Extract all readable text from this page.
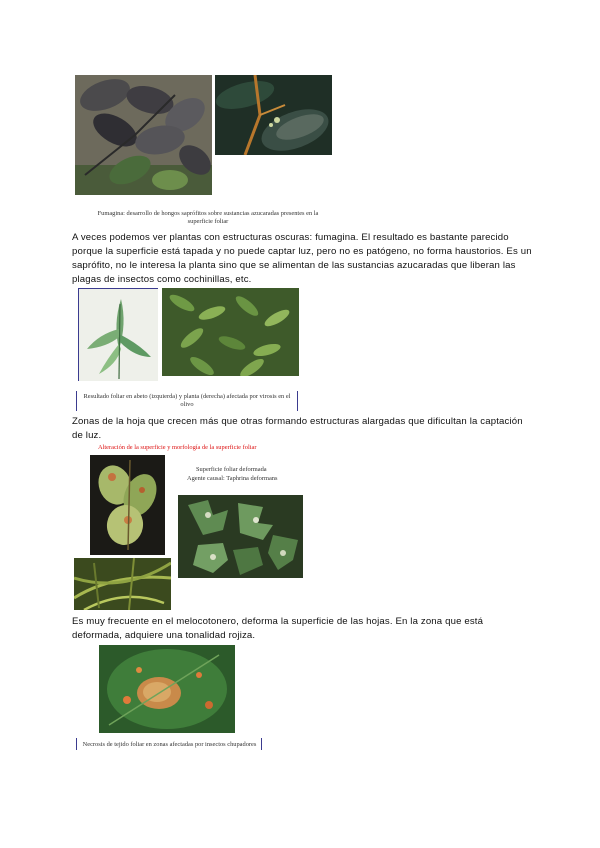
Fumagina: desarrollo de hongos saprófitos sobre sustancias azucaradas presentes en la superficie foliar
A veces podemos ver plantas con estructuras oscuras: fumagina. El resultado es bastante parecido porque la superficie está tapada y no puede captar luz, pero no es patógeno, no forma haustorios. Es un saprófito, no le interesa la planta sino que se alimentan de las sustancias azucaradas que liberan las plagas de insectos como cochinillas, etc.
Resultado foliar en abeto (izquierda) y planta (derecha) afectada por virosis en el olivo
Zonas de la hoja que crecen más que otras formando estructuras alargadas que dificultan la captación de luz.
Alteración de la superficie y morfología de la superficie foliar
Superficie foliar deformada
Agente causal: Taphrina deformans
Es muy frecuente en el melocotonero, deforma la superficie de las hojas. En la zona que está deformada, adquiere una tonalidad rojiza.
Necrosis de tejido foliar en zonas afectadas por insectos chupadores
